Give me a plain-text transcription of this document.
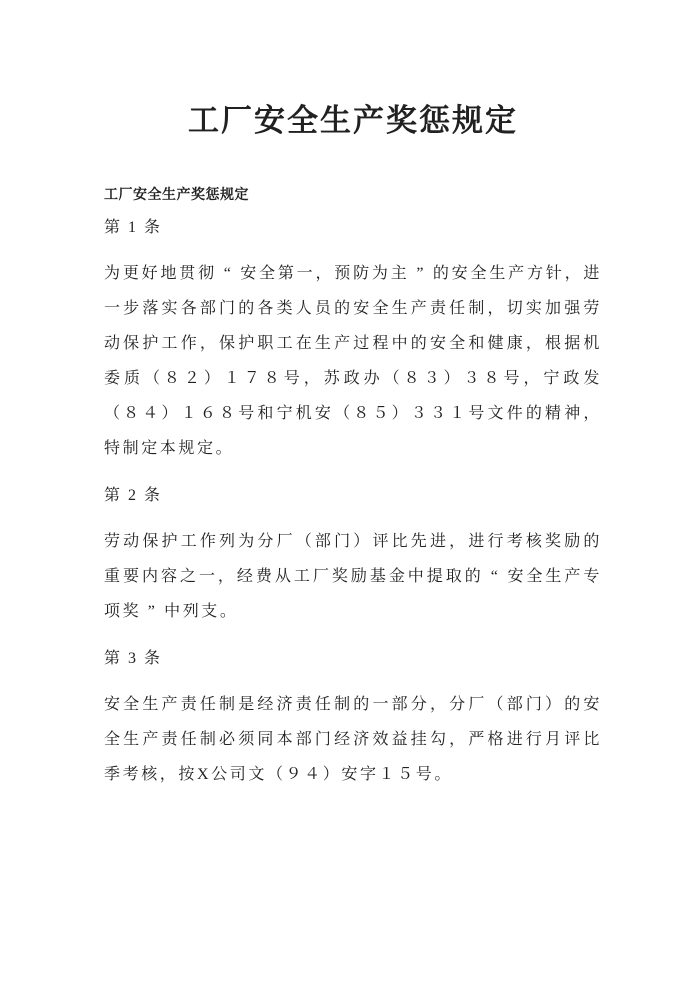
工厂安全生产奖惩规定
工厂安全生产奖惩规定
第 1 条

为更好地贯彻 “ 安全第一，预防为主 ” 的安全生产方针，进一步落实各部门的各类人员的安全生产责任制，切实加强劳动保护工作，保护职工在生产过程中的安全和健康，根据机委质（８２）１７８号，苏政办（８３）３８号，宁政发（８４）１６８号和宁机安（８５）３３１号文件的精神，特制定本规定。

第 2 条

劳动保护工作列为分厂（部门）评比先进，进行考核奖励的重要内容之一，经费从工厂奖励基金中提取的 “ 安全生产专项奖 ” 中列支。

第 3 条

安全生产责任制是经济责任制的一部分，分厂（部门）的安全生产责任制必须同本部门经济效益挂勾，严格进行月评比季考核，按X公司文（９４）安字１５号。
